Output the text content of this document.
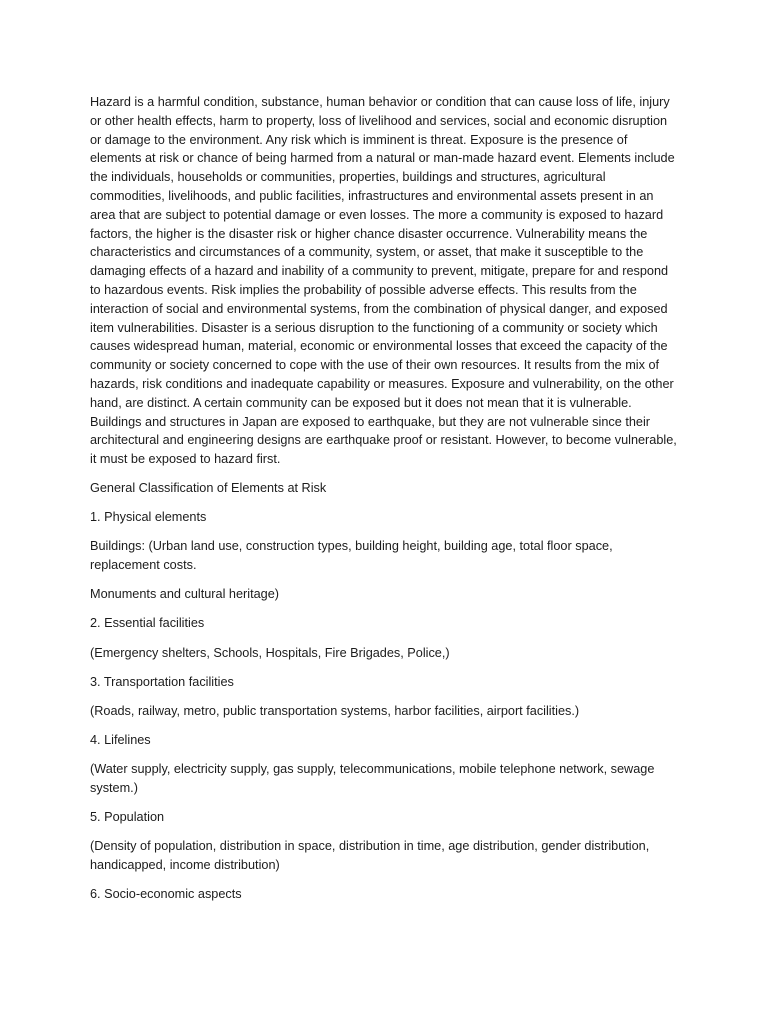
Hazard is a harmful condition, substance, human behavior or condition that can cause loss of life, injury or other health effects, harm to property, loss of livelihood and services, social and economic disruption or damage to the environment. Any risk which is imminent is threat. Exposure is the presence of elements at risk or chance of being harmed from a natural or man-made hazard event. Elements include the individuals, households or communities, properties, buildings and structures, agricultural commodities, livelihoods, and public facilities, infrastructures and environmental assets present in an area that are subject to potential damage or even losses. The more a community is exposed to hazard factors, the higher is the disaster risk or higher chance disaster occurrence. Vulnerability means the characteristics and circumstances of a community, system, or asset, that make it susceptible to the damaging effects of a hazard and inability of a community to prevent, mitigate, prepare for and respond to hazardous events. Risk implies the probability of possible adverse effects. This results from the interaction of social and environmental systems, from the combination of physical danger, and exposed item vulnerabilities. Disaster is a serious disruption to the functioning of a community or society which causes widespread human, material, economic or environmental losses that exceed the capacity of the community or society concerned to cope with the use of their own resources. It results from the mix of hazards, risk conditions and inadequate capability or measures. Exposure and vulnerability, on the other hand, are distinct. A certain community can be exposed but it does not mean that it is vulnerable. Buildings and structures in Japan are exposed to earthquake, but they are not vulnerable since their architectural and engineering designs are earthquake proof or resistant. However, to become vulnerable, it must be exposed to hazard first.

General Classification of Elements at Risk

1. Physical elements

Buildings: (Urban land use, construction types, building height, building age, total floor space, replacement costs.

Monuments and cultural heritage)

2. Essential facilities

(Emergency shelters, Schools, Hospitals, Fire Brigades, Police,)

3. Transportation facilities

(Roads, railway, metro, public transportation systems, harbor facilities, airport facilities.)

4. Lifelines

(Water supply, electricity supply, gas supply, telecommunications, mobile telephone network, sewage system.)

5. Population

(Density of population, distribution in space, distribution in time, age distribution, gender distribution, handicapped, income distribution)

6. Socio-economic aspects
